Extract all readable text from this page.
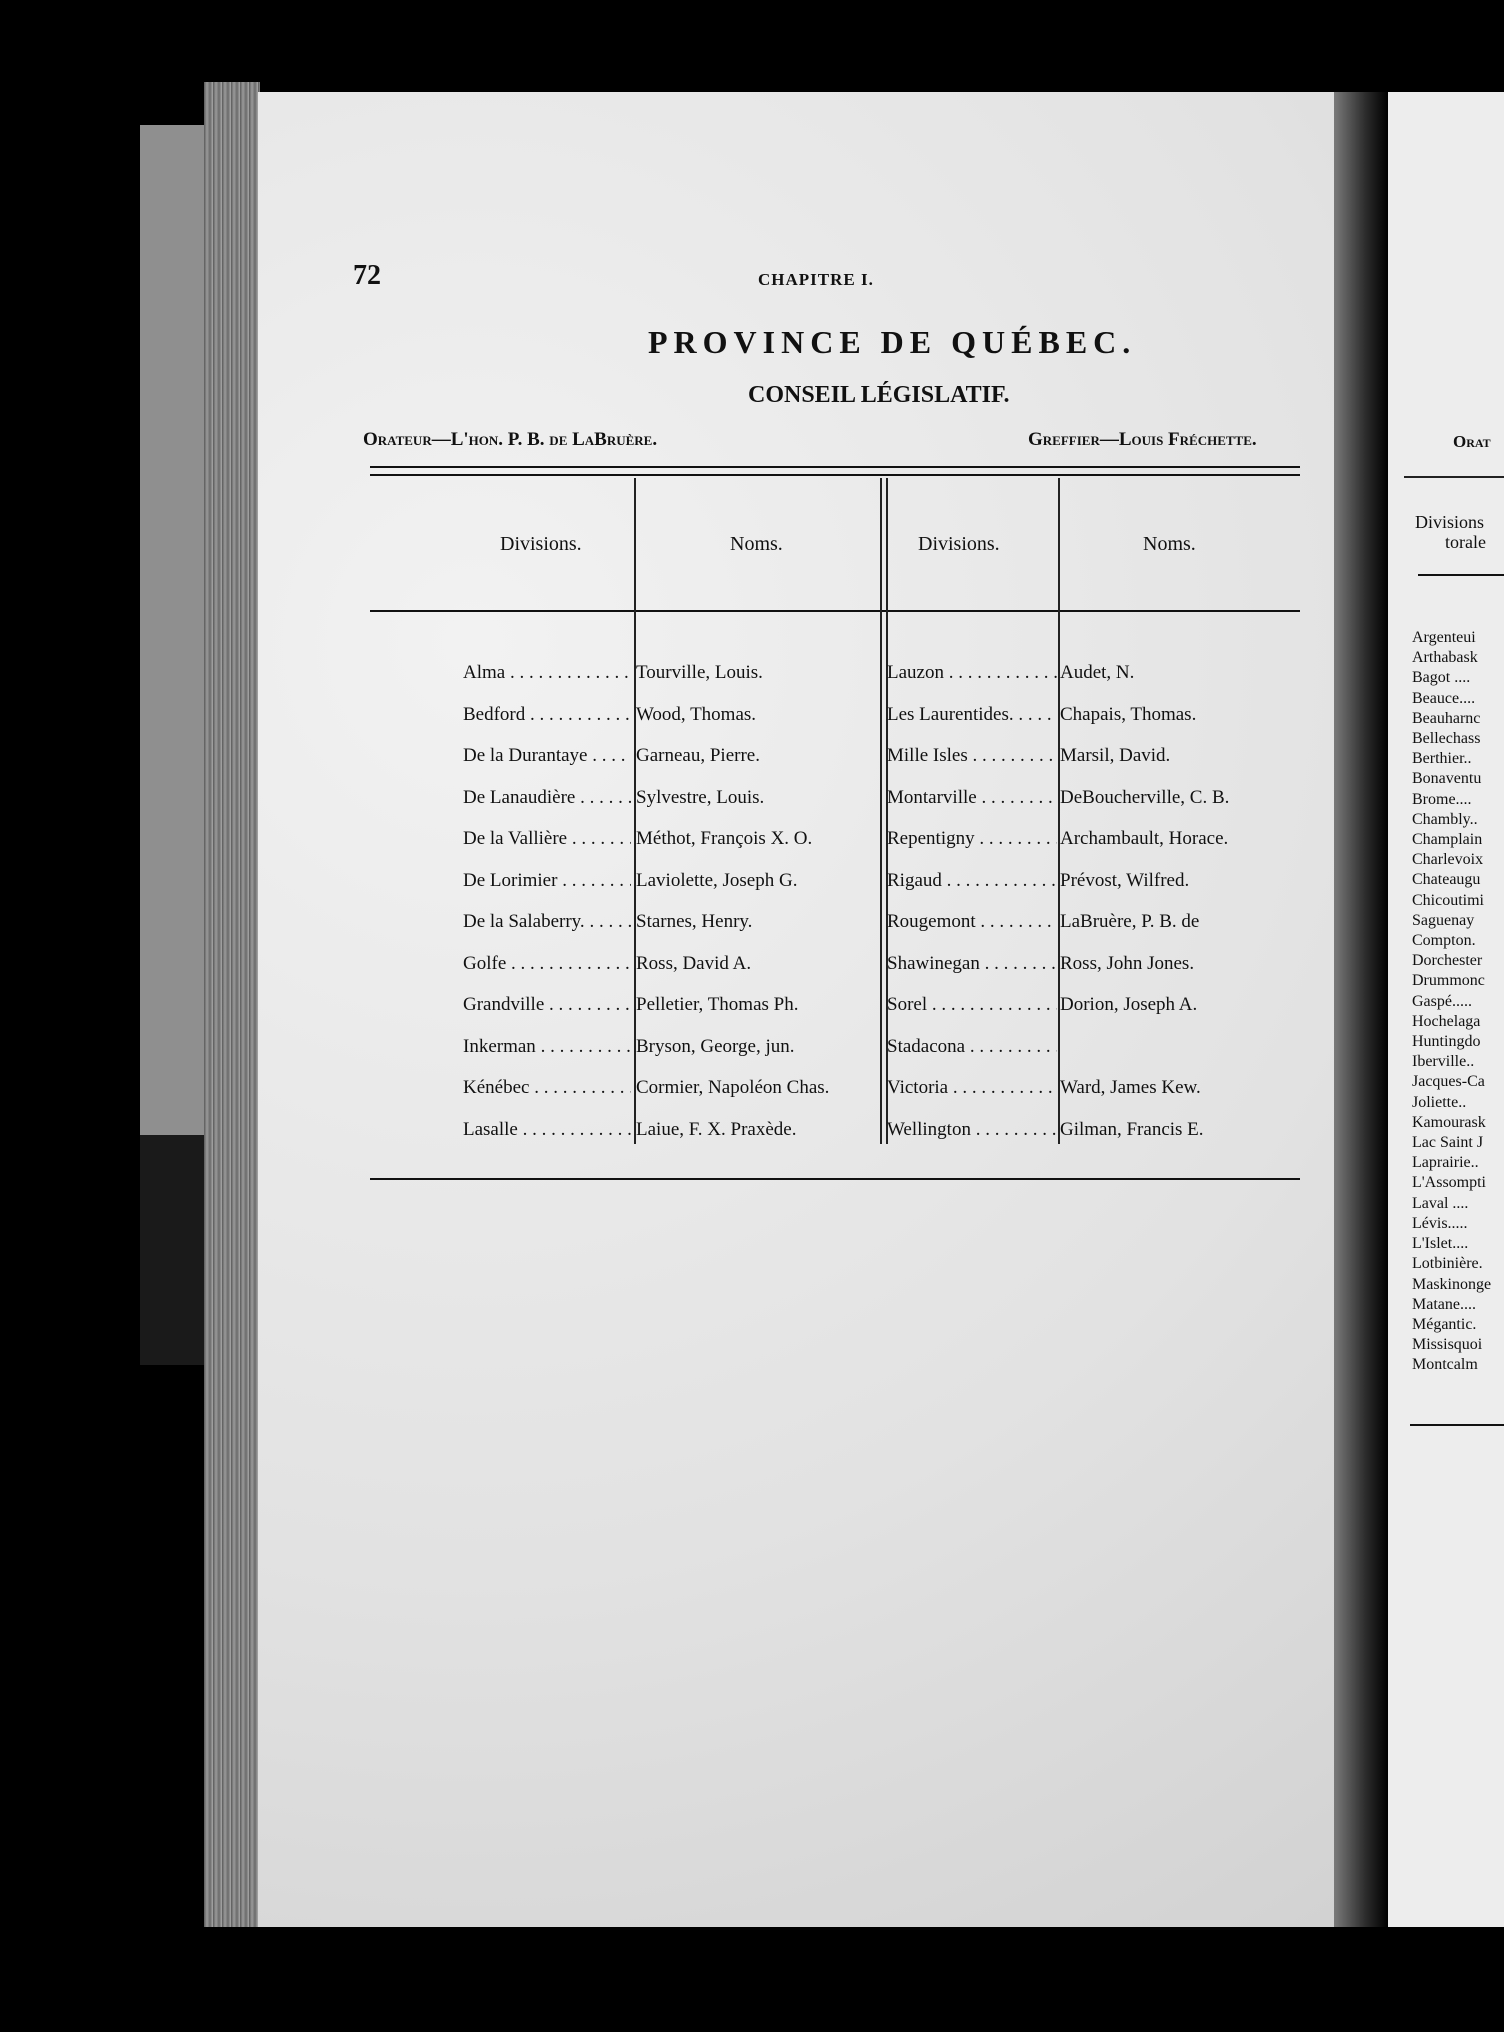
72	CHAPITRE I.
PROVINCE DE QUÉBEC.
CONSEIL LÉGISLATIF.
Orateur—L'hon. P. B. de LaBruère.	Greffier—Louis Fréchette.
Divisions.	Noms.	Divisions.	Noms.
Alma . . .	Tourville, Louis.	Lauzon . . .	Audet, N.
Bedford . . .	Wood, Thomas.	Les Laurentides. . . .	Chapais, Thomas.
De la Durantaye . . .	Garneau, Pierre.	Mille Isles . . .	Marsil, David.
De Lanaudière . . .	Sylvestre, Louis.	Montarville . . .	DeBoucherville, C. B.
De la Vallière . . .	Méthot, François X. O.	Repentigny . . .	Archambault, Horace.
De Lorimier . . .	Laviolette, Joseph G.	Rigaud . . .	Prévost, Wilfred.
De la Salaberry. . . .	Starnes, Henry.	Rougemont . . .	LaBruère, P. B. de
Golfe . . .	Ross, David A.	Shawinegan . . .	Ross, John Jones.
Grandville . . .	Pelletier, Thomas Ph.	Sorel . . .	Dorion, Joseph A.
Inkerman . . .	Bryson, George, jun.	Stadacona . . .
Kénébec . . .	Cormier, Napoléon Chas.	Victoria . . .	Ward, James Kew.
Lasalle . . .	Laiue, F. X. Praxède.	Wellington . . .	Gilman, Francis E.
Orat
Divisions
torale
Argenteui
Arthabask
Bagot ....
Beauce....
Beauharnc
Bellechass
Berthier..
Bonaventu
Brome....
Chambly..
Champlain
Charlevoix
Chateaugu
Chicoutimi
Saguenay
Compton.
Dorchester
Drummonc
Gaspé.....
Hochelaga
Huntingdo
Iberville..
Jacques-Ca
Joliette..
Kamourask
Lac Saint J
Laprairie..
L'Assompti
Laval ....
Lévis.....
L'Islet....
Lotbinière.
Maskinonge
Matane....
Mégantic.
Missisquoi
Montcalm
